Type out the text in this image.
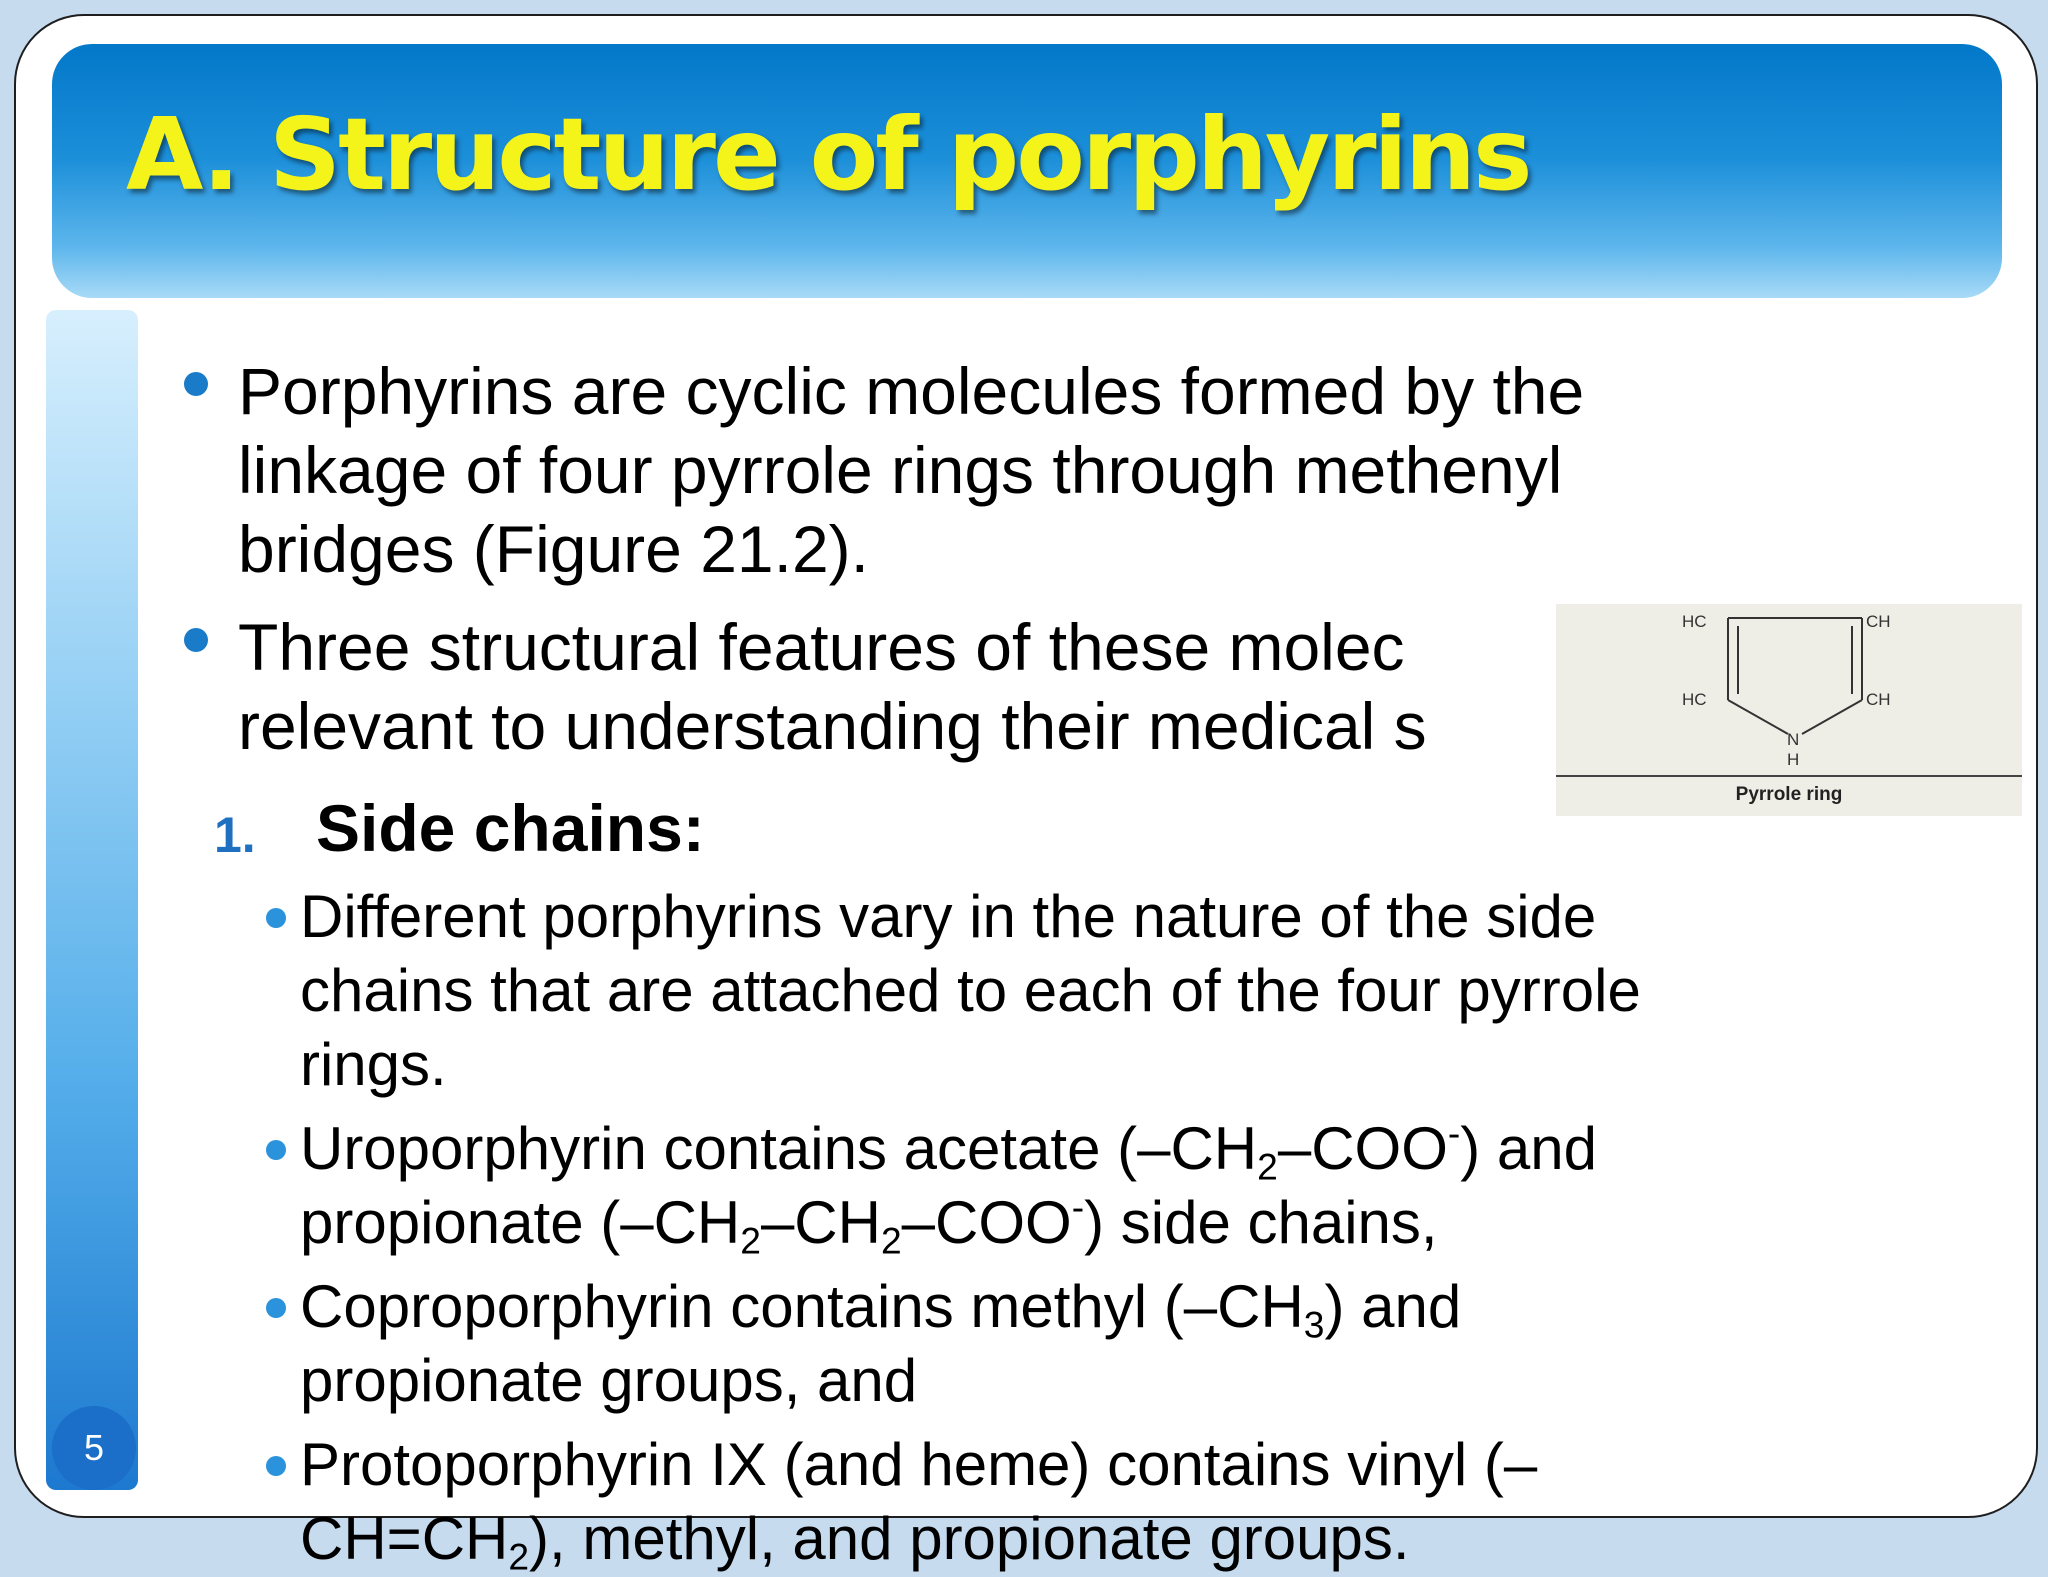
A. Structure of porphyrins
5
Porphyrins are cyclic molecules formed by the
linkage of four pyrrole rings through methenyl
bridges (Figure 21.2).
Three structural features of these molec
relevant to understanding their medical s
1. Side chains:
Different porphyrins vary in the nature of the side
chains that are attached to each of the four pyrrole
rings.
Uroporphyrin contains acetate $(-CH_2-COO^-)$ and
propionate $(-CH_2-CH_2-COO^-)$ side chains,
Coproporphyrin contains methyl $(-CH_3)$ and
propionate groups, and
Protoporphyrin IX (and heme) contains vinyl (–
$CH=CH_2$), methyl, and propionate groups.
HC	CH
HC	CH
N
H
Pyrrole ring
